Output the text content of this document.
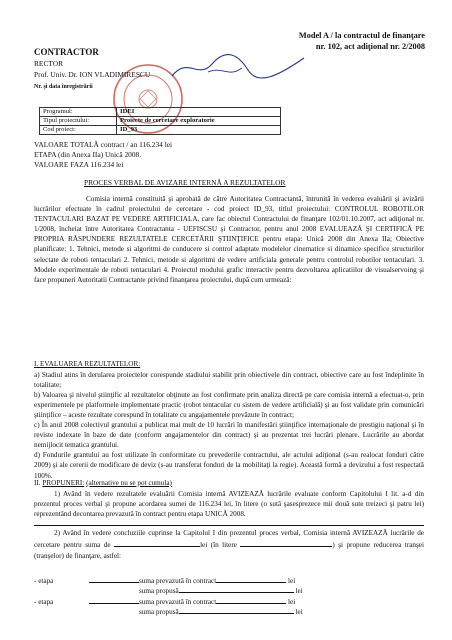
Model A / la contractul de finanţare
nr. 102, act adiţional nr. 2/2008
CONTRACTOR
RECTOR
Prof. Univ. Dr. ION VLADIMIRESCU
Nr. şi data înregistrării
Programul:	IDEI
Tipul proiectului:	Proiecte de cercetare exploratorie
Cod proiect:	ID_93
VALOARE TOTALĂ contract / an 116.234 lei
ETAPA (din Anexa IIa) Unică 2008.
VALOARE FAZA 116.234 lei
PROCES VERBAL DE AVIZARE INTERNĂ A REZULTATELOR
Comisia internă constituită şi aprobată de către Autoritatea Contractantă, întrunită în vederea evaluării şi avizării lucrărilor efectuate în cadrul proiectului de cercetare - cod proiect ID_93, titlul proiectului: CONTROLUL ROBOTILOR TENTACULARI BAZAT PE VEDERE ARTIFICIALA, care fac obiectul Contractului de finanţare 102/01.10.2007, act adiţional nr. 1/2008, încheiat între Autoritatea Contractanta - UEFISCSU şi Contractor, pentru anul 2008 EVALUEAZĂ ŞI CERTIFICĂ PE PROPRIA RĂSPUNDERE REZULTATELE CERCETĂRII ŞTIINŢIFICE pentru etapa: Unică 2008 din Anexa IIa; Obiective planificate: 1. Tehnici, metode si algoritmi de conducere si control adaptate modelelor cinematice si dinamice specifice structurilor selectate de roboti tentaculari 2. Tehnici, metode si algoritmi de vedere artificiala generale pentru controlul robotilor tentaculari. 3. Modele experimentale de roboti tentaculari 4. Proiectul modului grafic interactiv pentru dezvoltarea aplicatiilor de visualservoing şi face propuneri Autoritatii Contractante privind finanţarea proiectului, după cum urmează:
I. EVALUAREA REZULTATELOR:
a) Stadiul atins în derularea proiectelor corespunde stadiului stabilit prin obiectivele din contract, obiective care au fost îndeplinite în totalitate;
b) Valoarea şi nivelul ştiinţific al rezultatelor obţinute au fost confirmate prin analiza directă pe care comisia internă a efectuat-o, prin experimentele pe platformele implementate practic (robot tentacular cu sistem de vedere artificială) şi au fost validate prin comunicări ştiinţifice – aceste rezultate corespund în totalitate cu angajamentele prevăzute în contract;
c) În anul 2008 colectivul grantului a publicat mai mult de 10 lucrări în manifestări ştiinţifice internaţionale de prestigiu naţional şi în reviste indexate în baze de date (conform angajamentelor din contract) şi au prezentat trei lucrări plenare. Lucrările au abordat nemijlocit tematica grantului.
d) Fondurile grantului au fost utilizate în conformitate cu prevederile contractului, ale actului adiţional (s-au realocat fonduri către 2009) şi ale cererii de modificare de deviz (s-au transferat fonduri de la mobilitaţi la regie). Această formă a devizului a fost respectată 100%.
II. PROPUNERI: (alternative nu se pot cumula)
1) Având în vedere rezultatele evaluării Comisia internă AVIZEAZĂ lucrările evaluate conform Capitolului I lit. a-d din prezentul proces verbal şi propune acordarea sumei de 116.234 lei, în litere (o sută şasesprezece mii două sute treizeci şi patru lei) reprezentând decontarea prevazută în contract pentru etapa UNICĂ 2008.
2) Având în vedere concluziile cuprinse la Capitolul I din prezentul proces verbal, Comisia internă AVIZEAZĂ lucrările de cercetare pentru suma de	lei (în litere	) şi propune reducerea tranşei (tranşelor) de finanţare, astfel:
- etapa	suma prevazută în contract	lei
suma propusă	lei
- etapa	suma prevazută în contract	lei
suma propusă	lei
